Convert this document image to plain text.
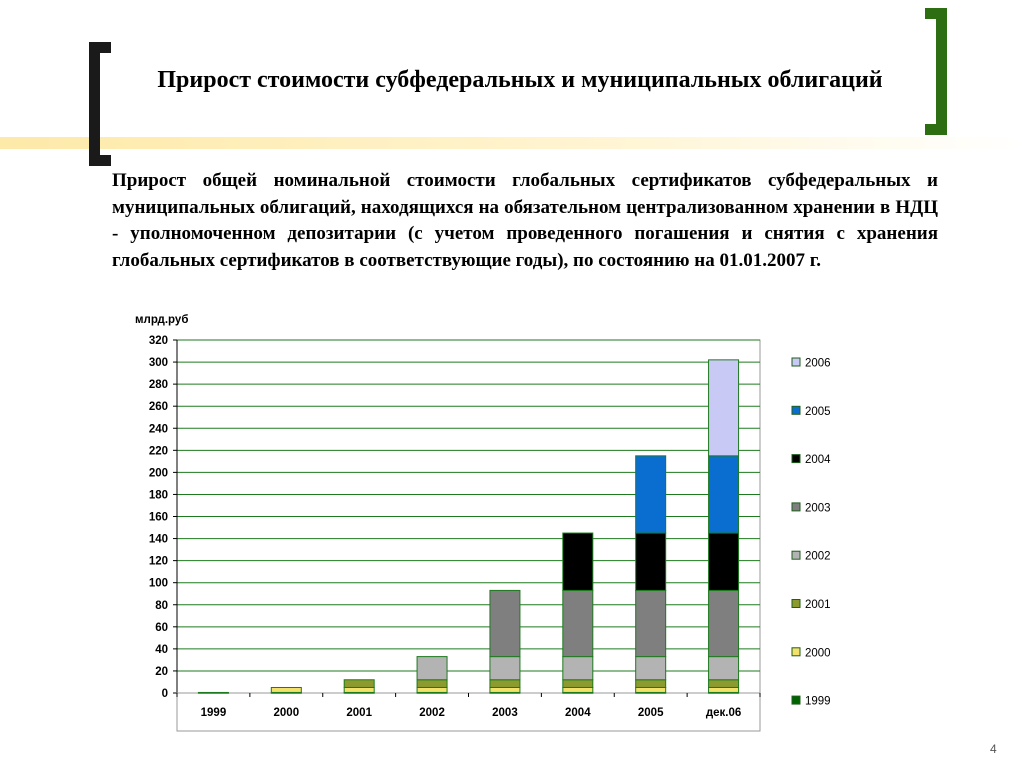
Прирост стоимости субфедеральных и муниципальных облигаций
Прирост общей номинальной стоимости глобальных сертификатов субфедеральных и муниципальных облигаций, находящихся на обязательном централизованном хранении в НДЦ - уполномоченном депозитарии (с учетом проведенного погашения и снятия с хранения глобальных сертификатов в соответствующие годы), по состоянию на 01.01.2007 г.
0
20
40
60
80
100
120
140
160
180
200
220
240
260
280
300
320
млрд.руб
1999	2000	2001	2002	2003	2004	2005	дек.06
2006
2005
2004
2003
2002
2001
2000
1999
4
